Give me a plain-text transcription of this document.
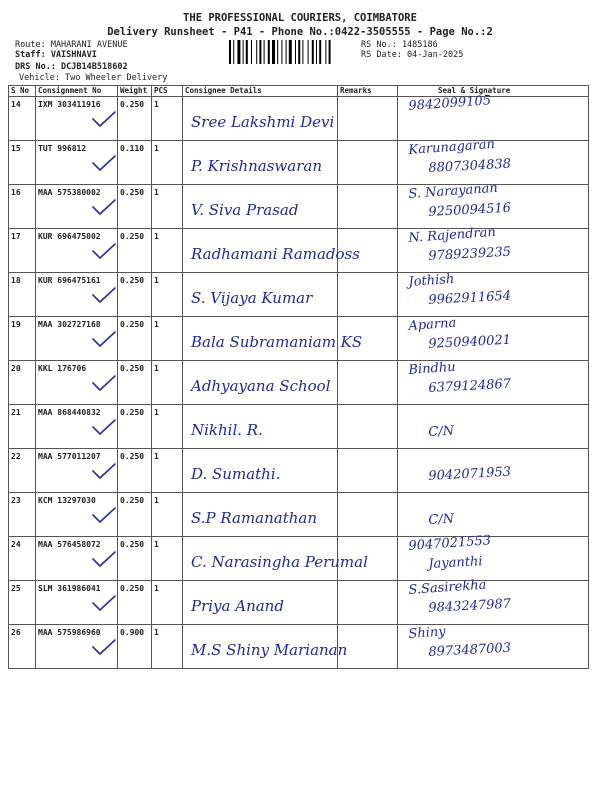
THE PROFESSIONAL COURIERS, COIMBATORE
Delivery Runsheet - P41 - Phone No.:0422-3505555 - Page No.:2
Route: MAHARANI AVENUE
Staff: VAISHNAVI
DRS No.: DCJB14B518602
RS No.: 1485186
RS Date: 04-Jan-2025
Vehicle: Two Wheeler Delivery
S No	Consignment No	Weight	PCS	Consignee Details	Remarks	Seal & Signature
14	IXM 303411916	0.250	1	Sree Lakshmi Devi		9842099105

15	TUT 996812	0.110	1	P. Krishnaswaran		Karunagaran
8807304838

16	MAA 575380002	0.250	1	V. Siva Prasad		S. Narayanan
9250094516

17	KUR 696475002	0.250	1	Radhamani Ramadoss		N. Rajendran
9789239235

18	KUR 696475161	0.250	1	S. Vijaya Kumar		Jothish
9962911654

19	MAA 302727168	0.250	1	Bala Subramaniam KS		Aparna
9250940021

20	KKL 176706	0.250	1	Adhyayana School		Bindhu
6379124867

21	MAA 868440832	0.250	1	Nikhil. R.		C/N

22	MAA 577011207	0.250	1	D. Sumathi.		9042071953

23	KCM 13297030	0.250	1	S.P Ramanathan		C/N

24	MAA 576458072	0.250	1	C. Narasingha Perumal		9047021553
Jayanthi

25	SLM 361986041	0.250	1	Priya Anand		S.Sasirekha
9843247987

26	MAA 575986960	0.900	1	M.S Shiny Marianan		Shiny
8973487003
